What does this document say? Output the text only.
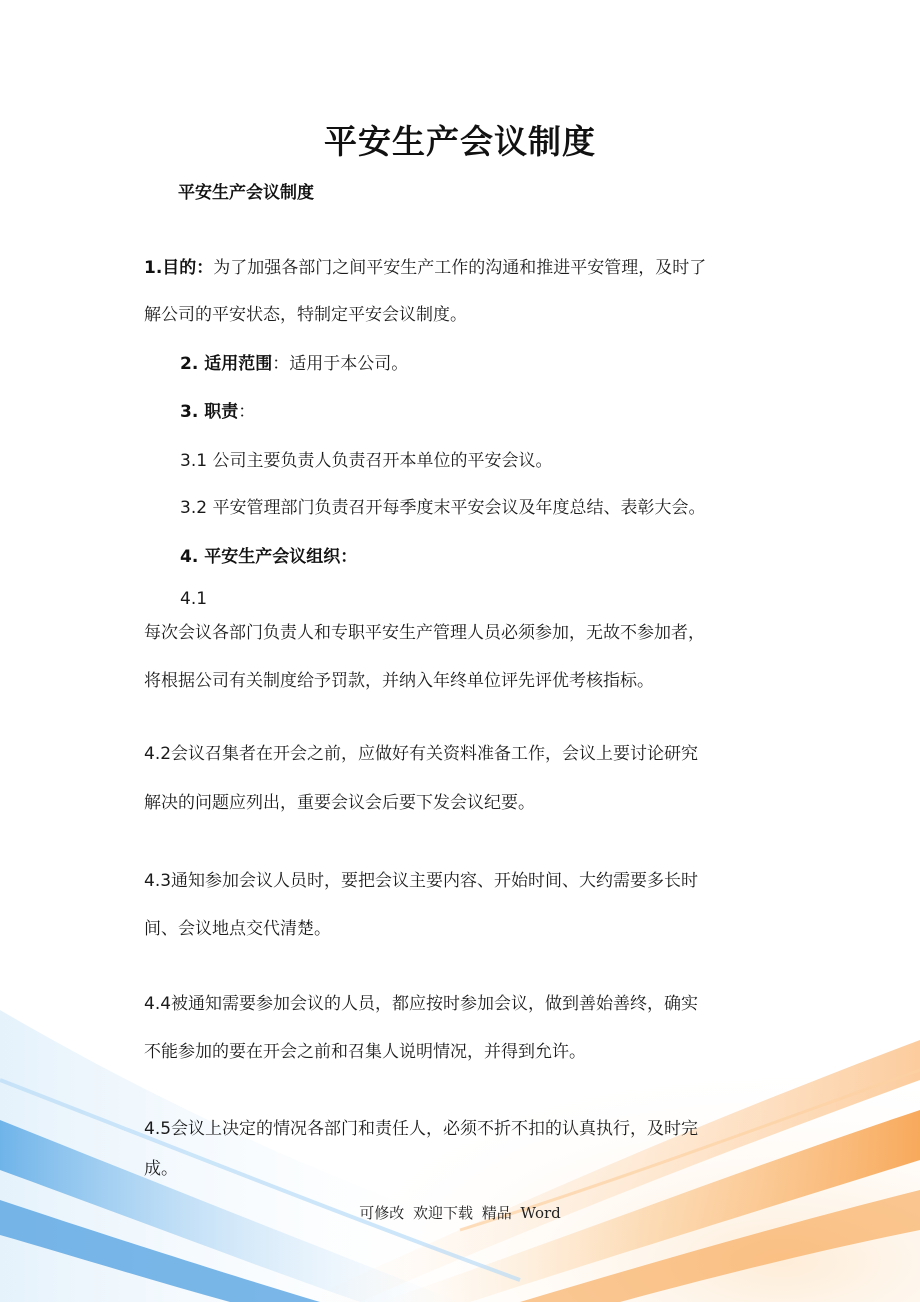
平安生产会议制度
平安生产会议制度
1.目的：为了加强各部门之间平安生产工作的沟通和推进平安管理，及时了
解公司的平安状态，特制定平安会议制度。
2. 适用范围：适用于本公司。
3. 职责：
3.1 公司主要负责人负责召开本单位的平安会议。
3.2 平安管理部门负责召开每季度末平安会议及年度总结、表彰大会。
4. 平安生产会议组织：
4.1
每次会议各部门负责人和专职平安生产管理人员必须参加，无故不参加者，
将根据公司有关制度给予罚款，并纳入年终单位评先评优考核指标。
4.2会议召集者在开会之前，应做好有关资料准备工作，会议上要讨论研究
解决的问题应列出，重要会议会后要下发会议纪要。
4.3通知参加会议人员时，要把会议主要内容、开始时间、大约需要多长时
间、会议地点交代清楚。
4.4被通知需要参加会议的人员，都应按时参加会议，做到善始善终，确实
不能参加的要在开会之前和召集人说明情况，并得到允许。
4.5会议上决定的情况各部门和责任人，必须不折不扣的认真执行，及时完
成。
可修改 欢迎下载 精品 Word
